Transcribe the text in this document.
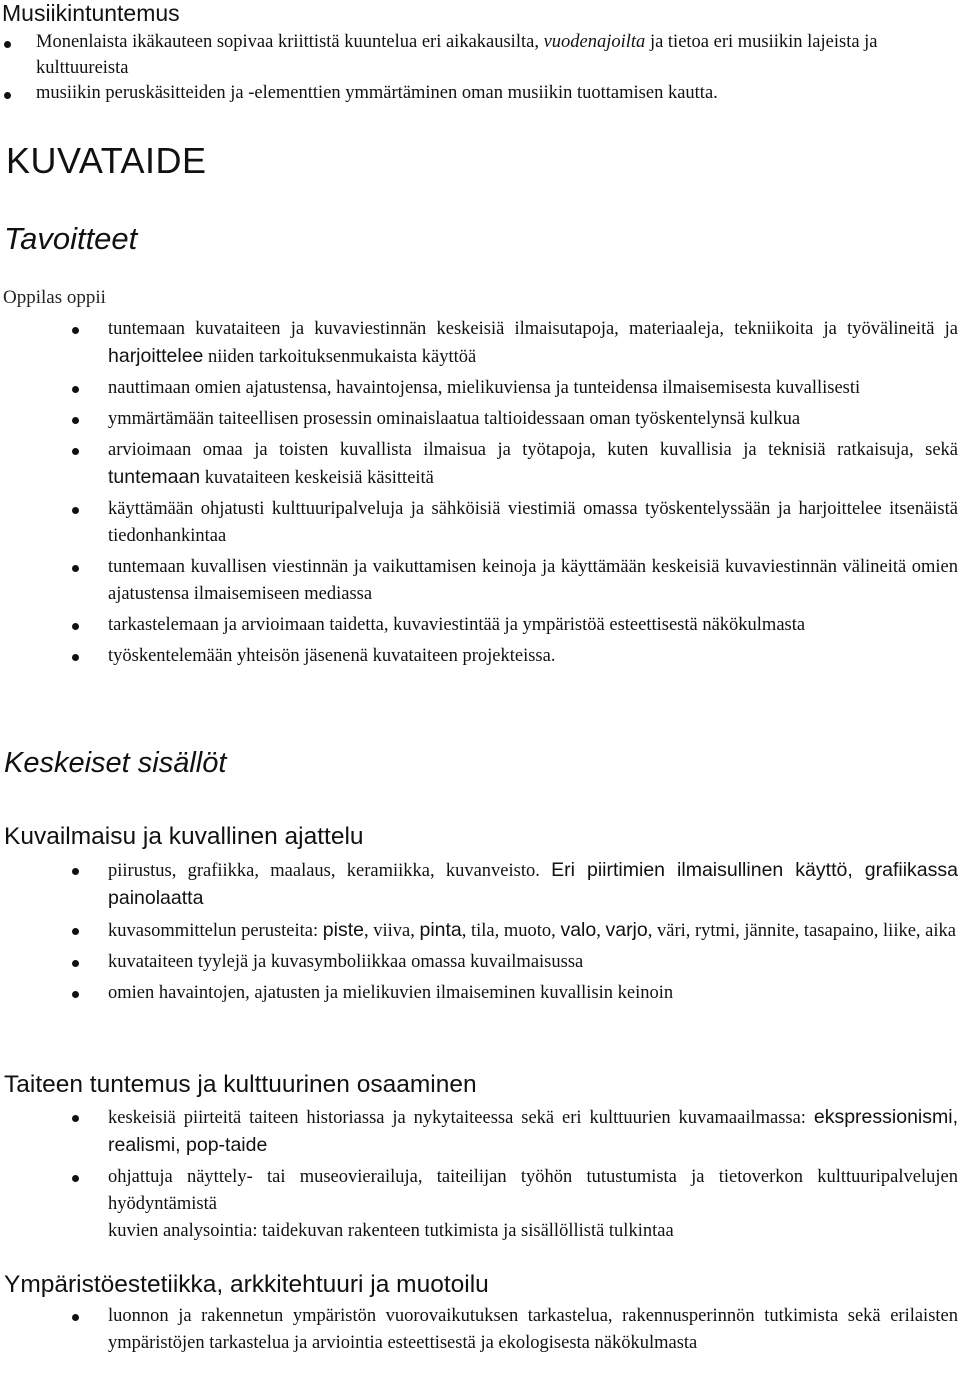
Musiikintuntemus
Monenlaista ikäkauteen sopivaa kriittistä kuuntelua eri aikakausilta, vuodenajoilta ja tietoa eri musiikin lajeista ja kulttuureista
musiikin peruskäsitteiden ja -elementtien ymmärtäminen oman musiikin tuottamisen kautta.
KUVATAIDE
Tavoitteet
Oppilas oppii
tuntemaan kuvataiteen ja kuvaviestinnän keskeisiä ilmaisutapoja, materiaaleja, tekniikoita ja työvälineitä ja harjoittelee niiden tarkoituksenmukaista käyttöä
nauttimaan omien ajatustensa, havaintojensa, mielikuviensa ja tunteidensa ilmaisemisesta kuvallisesti
ymmärtämään taiteellisen prosessin ominaislaatua taltioidessaan oman työskentelynsä kulkua
arvioimaan omaa ja toisten kuvallista ilmaisua ja työtapoja, kuten kuvallisia ja teknisiä ratkaisuja, sekä tuntemaan kuvataiteen keskeisiä käsitteitä
käyttämään ohjatusti kulttuuripalveluja ja sähköisiä viestimiä omassa työskentelyssään ja harjoittelee itsenäistä tiedonhankintaa
tuntemaan kuvallisen viestinnän ja vaikuttamisen keinoja ja käyttämään keskeisiä kuvaviestinnän välineitä omien ajatustensa ilmaisemiseen mediassa
tarkastelemaan ja arvioimaan taidetta, kuvaviestintää ja ympäristöä esteettisestä näkökulmasta
työskentelemään yhteisön jäsenenä kuvataiteen projekteissa.
Keskeiset sisällöt
Kuvailmaisu ja kuvallinen ajattelu
piirustus, grafiikka, maalaus, keramiikka, kuvanveisto. Eri piirtimien ilmaisullinen käyttö, grafiikassa painolaatta
kuvasommittelun perusteita: piste, viiva, pinta, tila, muoto, valo, varjo, väri, rytmi, jännite, tasapaino, liike, aika
kuvataiteen tyylejä ja kuvasymboliikkaa omassa kuvailmaisussa
omien havaintojen, ajatusten ja mielikuvien ilmaiseminen kuvallisin keinoin
Taiteen tuntemus ja kulttuurinen osaaminen
keskeisiä piirteitä taiteen historiassa ja nykytaiteessa sekä eri kulttuurien kuvamaailmassa: ekspressionismi, realismi, pop-taide
ohjattuja näyttely- tai museovierailuja, taiteilijan työhön tutustumista ja tietoverkon kulttuuripalvelujen hyödyntämistä
kuvien analysointia: taidekuvan rakenteen tutkimista ja sisällöllistä tulkintaa
Ympäristöestetiikka, arkkitehtuuri ja muotoilu
luonnon ja rakennetun ympäristön vuorovaikutuksen tarkastelua, rakennusperinnön tutkimista sekä erilaisten ympäristöjen tarkastelua ja arviointia esteettisestä ja ekologisesta näkökulmasta
